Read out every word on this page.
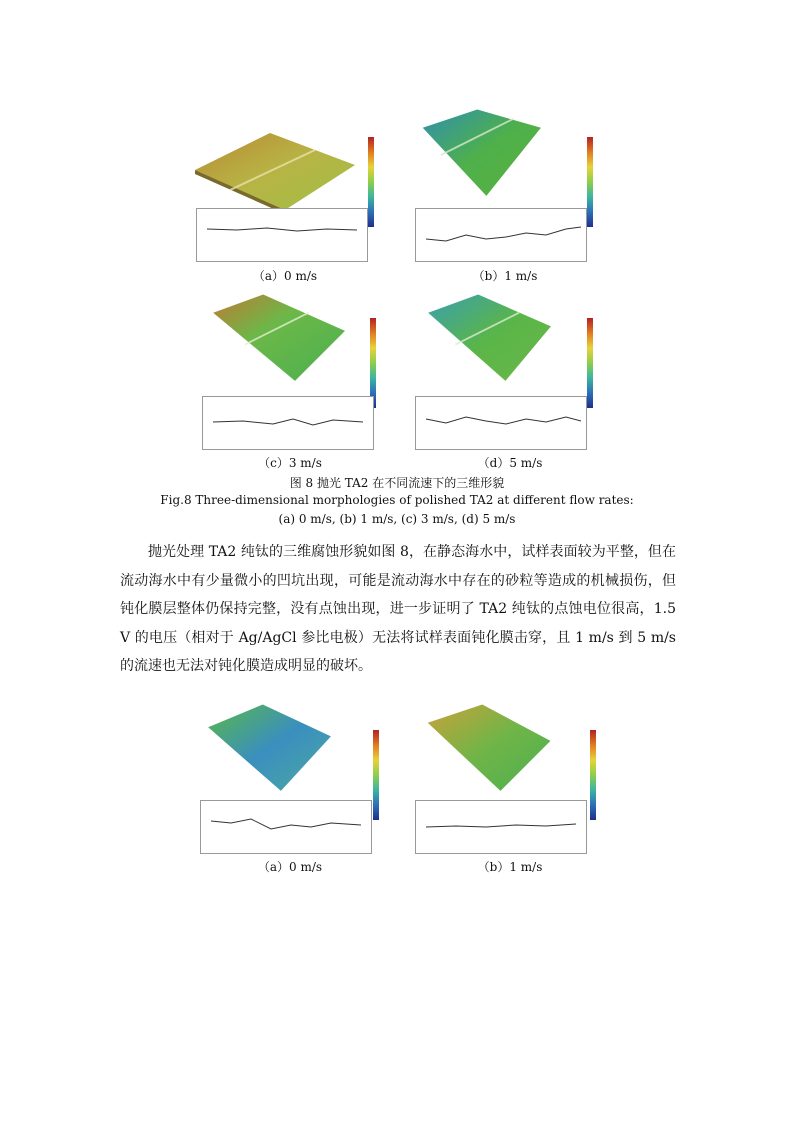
（a）0 m/s	（b）1 m/s
（c）3 m/s	（d）5 m/s
图 8 抛光 TA2 在不同流速下的三维形貌
Fig.8 Three-dimensional morphologies of polished TA2 at different flow rates:
(a) 0 m/s, (b) 1 m/s, (c) 3 m/s, (d) 5 m/s

抛光处理 TA2 纯钛的三维腐蚀形貌如图 8，在静态海水中，试样表面较为平整，但在流动海水中有少量微小的凹坑出现，可能是流动海水中存在的砂粒等造成的机械损伤，但钝化膜层整体仍保持完整，没有点蚀出现，进一步证明了 TA2 纯钛的点蚀电位很高，1.5 V 的电压（相对于 Ag/AgCl 参比电极）无法将试样表面钝化膜击穿，且 1 m/s 到 5 m/s 的流速也无法对钝化膜造成明显的破坏。

（a）0 m/s	（b）1 m/s
